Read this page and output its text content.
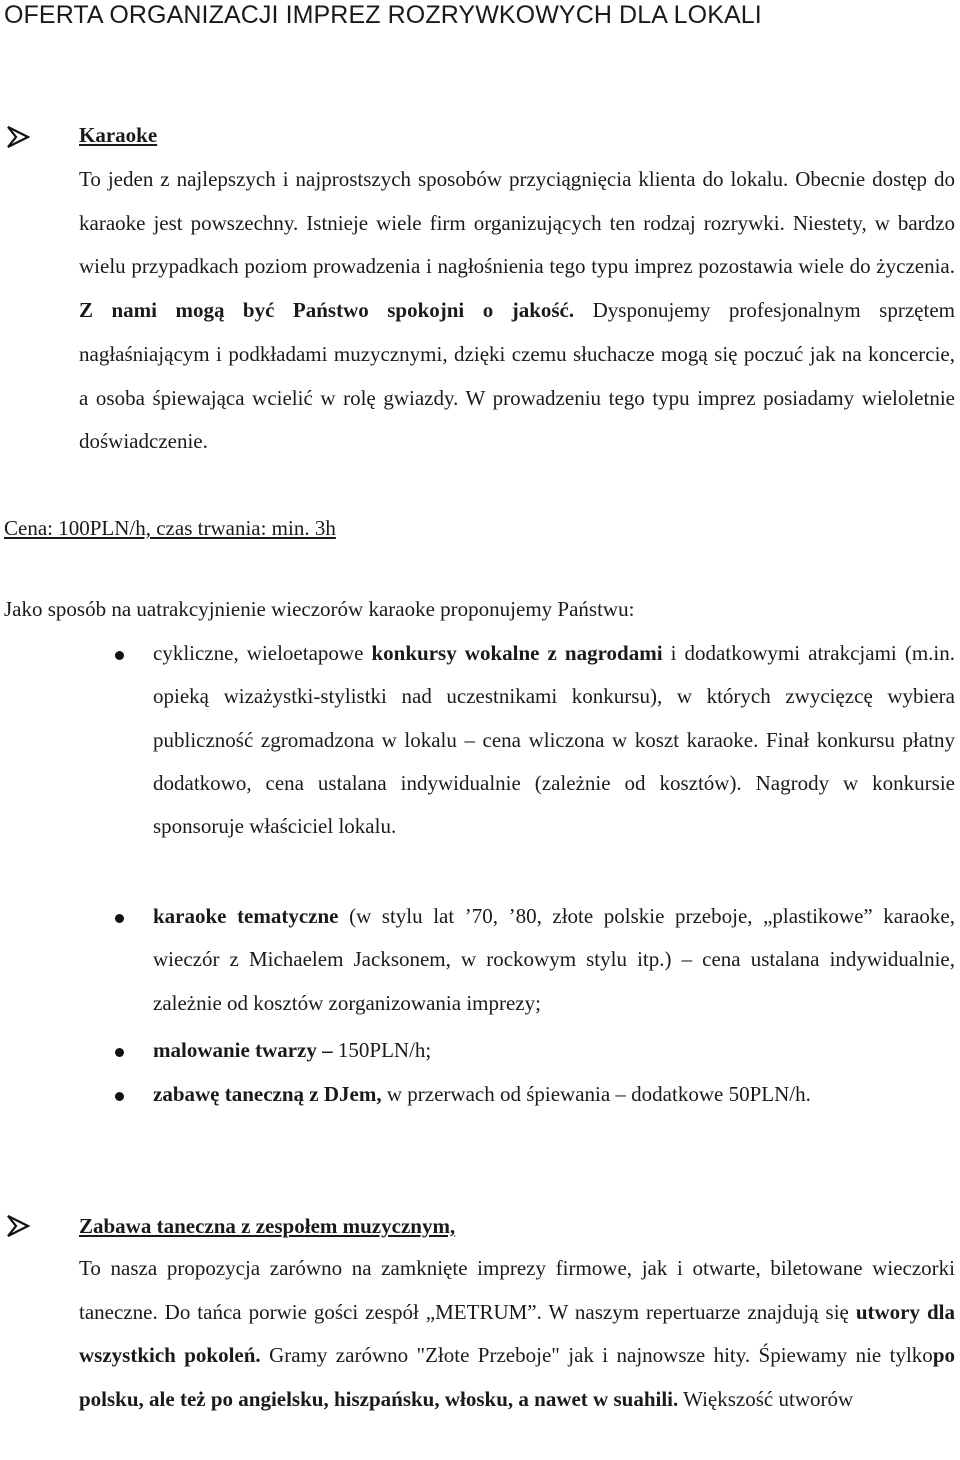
OFERTA ORGANIZACJI IMPREZ ROZRYWKOWYCH DLA LOKALI
Karaoke

To jeden z najlepszych i najprostszych sposobów przyciągnięcia klienta do lokalu. Obecnie dostęp do karaoke jest powszechny. Istnieje wiele firm organizujących ten rodzaj rozrywki. Niestety, w bardzo wielu przypadkach poziom prowadzenia i nagłośnienia tego typu imprez pozostawia wiele do życzenia. Z nami mogą być Państwo spokojni o jakość. Dysponujemy profesjonalnym sprzętem nagłaśniającym i podkładami muzycznymi, dzięki czemu słuchacze mogą się poczuć jak na koncercie, a osoba śpiewająca wcielić w rolę gwiazdy. W prowadzeniu tego typu imprez posiadamy wieloletnie doświadczenie.

Cena: 100PLN/h, czas trwania: min. 3h

Jako sposób na uatrakcyjnienie wieczorów karaoke proponujemy Państwu:

cykliczne, wieloetapowe konkursy wokalne z nagrodami i dodatkowymi atrakcjami (m.in. opieką wizażystki-stylistki nad uczestnikami konkursu), w których zwycięzcę wybiera publiczność zgromadzona w lokalu – cena wliczona w koszt karaoke. Finał konkursu płatny dodatkowo, cena ustalana indywidualnie (zależnie od kosztów). Nagrody w konkursie sponsoruje właściciel lokalu.

karaoke tematyczne (w stylu lat ’70, ’80, złote polskie przeboje, „plastikowe” karaoke, wieczór z Michaelem Jacksonem, w rockowym stylu itp.) – cena ustalana indywidualnie, zależnie od kosztów zorganizowania imprezy;

malowanie twarzy – 150PLN/h;

zabawę taneczną z DJem, w przerwach od śpiewania – dodatkowe 50PLN/h.

Zabawa taneczna z zespołem muzycznym,

To nasza propozycja zarówno na zamknięte imprezy firmowe, jak i otwarte, biletowane wieczorki taneczne. Do tańca porwie gości zespół „METRUM”. W naszym repertuarze znajdują się utwory dla wszystkich pokoleń. Gramy zarówno "Złote Przeboje" jak i najnowsze hity. Śpiewamy nie tylkopo polsku, ale też po angielsku, hiszpańsku, włosku, a nawet w suahili. Większość utworów
